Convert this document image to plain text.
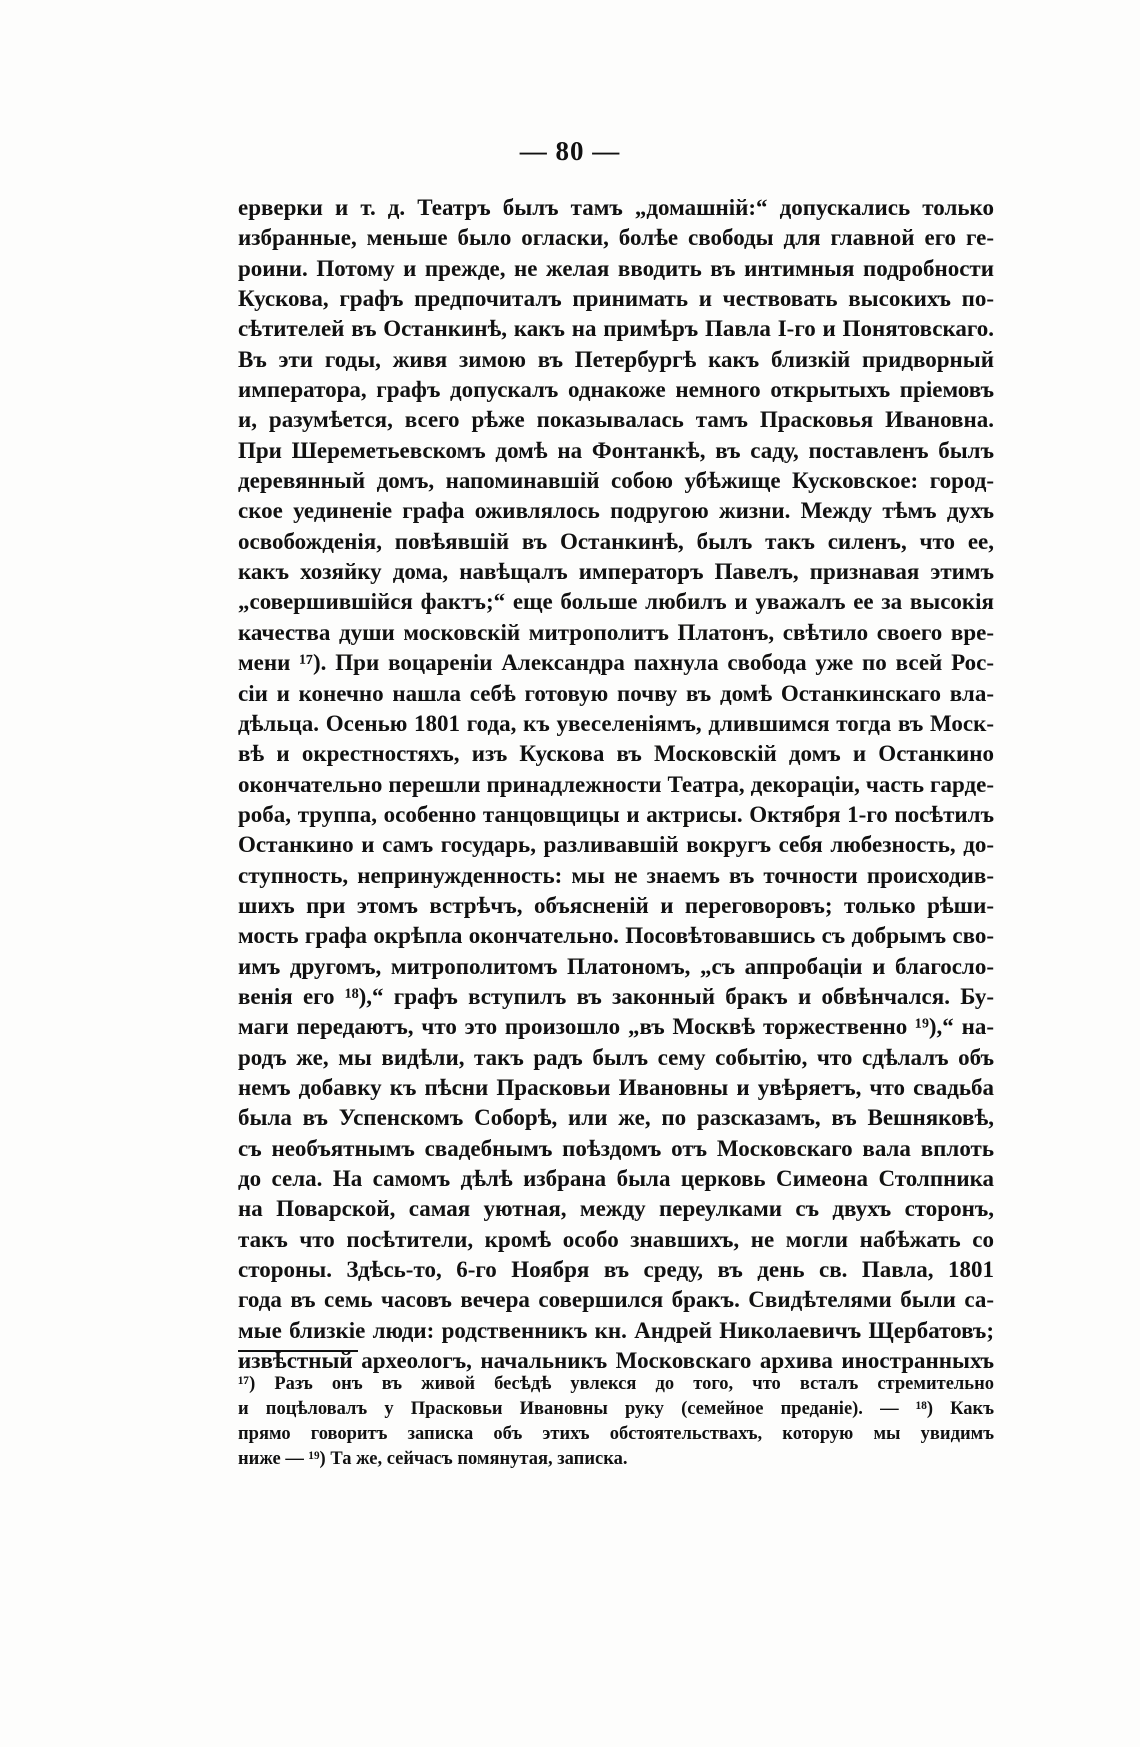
— 80 —
ерверки и т. д. Театръ былъ тамъ „домашній:“ допускались только
избранные, меньше было огласки, болѣе свободы для главной его ге-
роини. Потому и прежде, не желая вводить въ интимныя подробности
Кускова, графъ предпочиталъ принимать и чествовать высокихъ по-
сѣтителей въ Останкинѣ, какъ на примѣръ Павла I-го и Понятовскаго.
Въ эти годы, живя зимою въ Петербургѣ какъ близкій придворный
императора, графъ допускалъ однакоже немного открытыхъ пріемовъ
и, разумѣется, всего рѣже показывалась тамъ Прасковья Ивановна.
При Шереметьевскомъ домѣ на Фонтанкѣ, въ саду, поставленъ былъ
деревянный домъ, напоминавшій собою убѣжище Кусковское: город-
ское уединеніе графа оживлялось подругою жизни. Между тѣмъ духъ
освобожденія, повѣявшій въ Останкинѣ, былъ такъ силенъ, что ее,
какъ хозяйку дома, навѣщалъ императоръ Павелъ, признавая этимъ
„совершившійся фактъ;“ еще больше любилъ и уважалъ ее за высокія
качества души московскій митрополитъ Платонъ, свѣтило своего вре-
мени ¹⁷). При воцареніи Александра пахнула свобода уже по всей Рос-
сіи и конечно нашла себѣ готовую почву въ домѣ Останкинскаго вла-
дѣльца. Осенью 1801 года, къ увеселеніямъ, длившимся тогда въ Моск-
вѣ и окрестностяхъ, изъ Кускова въ Московскій домъ и Останкино
окончательно перешли принадлежности Театра, декораціи, часть гарде-
роба, труппа, особенно танцовщицы и актрисы. Октября 1-го посѣтилъ
Останкино и самъ государь, разливавшій вокругъ себя любезность, до-
ступность, непринужденность: мы не знаемъ въ точности происходив-
шихъ при этомъ встрѣчъ, объясненій и переговоровъ; только рѣши-
мость графа окрѣпла окончательно. Посовѣтовавшись съ добрымъ сво-
имъ другомъ, митрополитомъ Платономъ, „съ аппробаціи и благосло-
венія его ¹⁸),“ графъ вступилъ въ законный бракъ и обвѣнчался. Бу-
маги передаютъ, что это произошло „въ Москвѣ торжественно ¹⁹),“ на-
родъ же, мы видѣли, такъ радъ былъ сему событію, что сдѣлалъ объ
немъ добавку къ пѣсни Прасковьи Ивановны и увѣряетъ, что свадьба
была въ Успенскомъ Соборѣ, или же, по разсказамъ, въ Вешняковѣ,
съ необъятнымъ свадебнымъ поѣздомъ отъ Московскаго вала вплоть
до села. На самомъ дѣлѣ избрана была церковь Симеона Столпника
на Поварской, самая уютная, между переулками съ двухъ сторонъ,
такъ что посѣтители, кромѣ особо знавшихъ, не могли набѣжать со
стороны. Здѣсь-то, 6-го Ноября въ среду, въ день св. Павла, 1801
года въ семь часовъ вечера совершился бракъ. Свидѣтелями были са-
мые близкіе люди: родственникъ кн. Андрей Николаевичъ Щербатовъ;
извѣстный археологъ, начальникъ Московскаго архива иностранныхъ
¹⁷) Разъ онъ въ живой бесѣдѣ увлекся до того, что всталъ стремительно
и поцѣловалъ у Прасковьи Ивановны руку (семейное преданіе). — ¹⁸) Какъ
прямо говоритъ записка объ этихъ обстоятельствахъ, которую мы увидимъ
ниже — ¹⁹) Та же, сейчасъ помянутая, записка.
